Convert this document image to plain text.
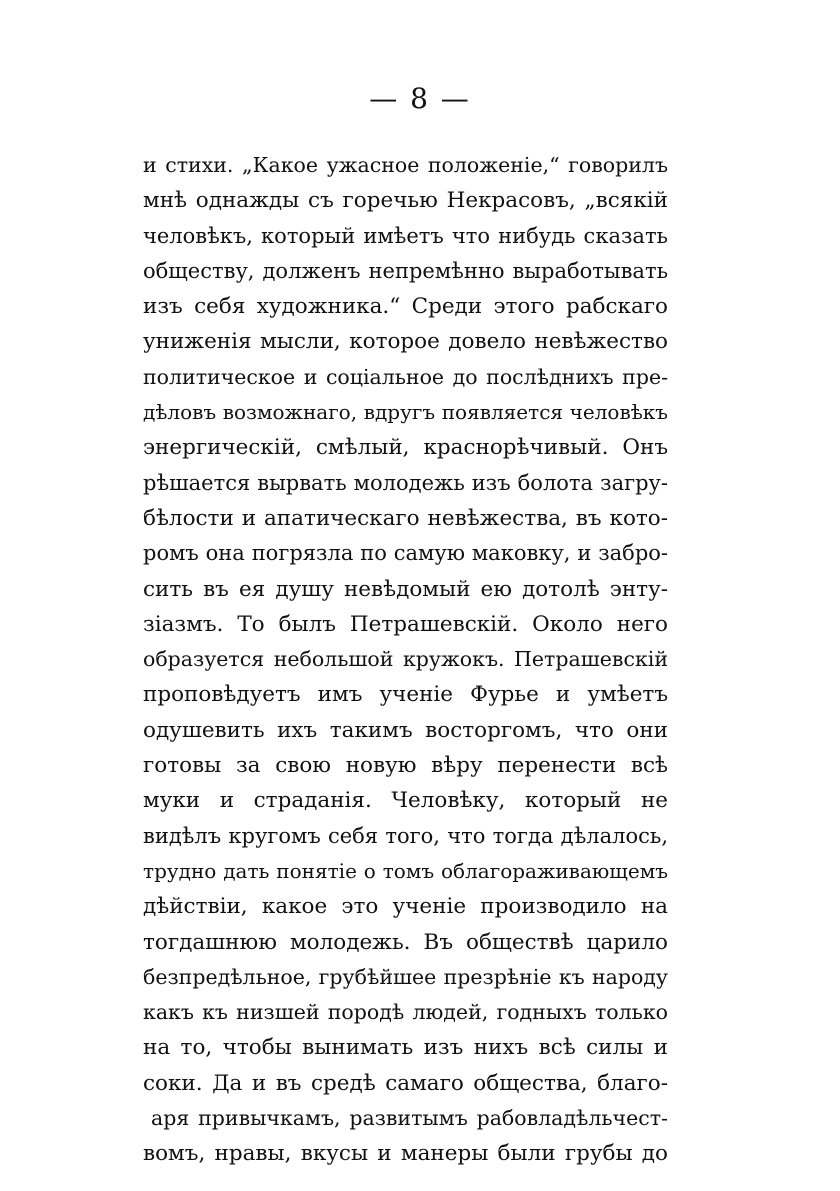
— 8 —
и стихи. „Какое ужасное положеніе,“ говорилъ
мнѣ однажды съ горечью Некрасовъ, „всякій
человѣкъ, который имѣетъ что нибудь сказать
обществу, долженъ непремѣнно выработывать
изъ себя художника.“ Среди этого рабскаго
униженія мысли, которое довело невѣжество
политическое и соціальное до послѣднихъ пре-
дѣловъ возможнаго, вдругъ появляется человѣкъ
энергическій, смѣлый, краснорѣчивый. Онъ
рѣшается вырвать молодежь изъ болота загру-
бѣлости и апатическаго невѣжества, въ кото-
ромъ она погрязла по самую маковку, и забро-
сить въ ея душу невѣдомый ею дотолѣ энту-
зіазмъ. То былъ Петрашевскій. Около него
образуется небольшой кружокъ. Петрашевскій
проповѣдуетъ имъ ученіе Фурье и умѣетъ
одушевить ихъ такимъ восторгомъ, что они
готовы за свою новую вѣру перенести всѣ
муки и страданія. Человѣку, который не
видѣлъ кругомъ себя того, что тогда дѣлалось,
трудно дать понятіе о томъ облагораживающемъ
дѣйствіи, какое это ученіе производило на
тогдашнюю молодежь. Въ обществѣ царило
безпредѣльное, грубѣйшее презрѣніе къ народу
какъ къ низшей породѣ людей, годныхъ только
на то, чтобы вынимать изъ нихъ всѣ силы и
соки. Да и въ средѣ самаго общества, благо-
аря привычкамъ, развитымъ рабовладѣльчест-
вомъ, нравы, вкусы и манеры были грубы до
